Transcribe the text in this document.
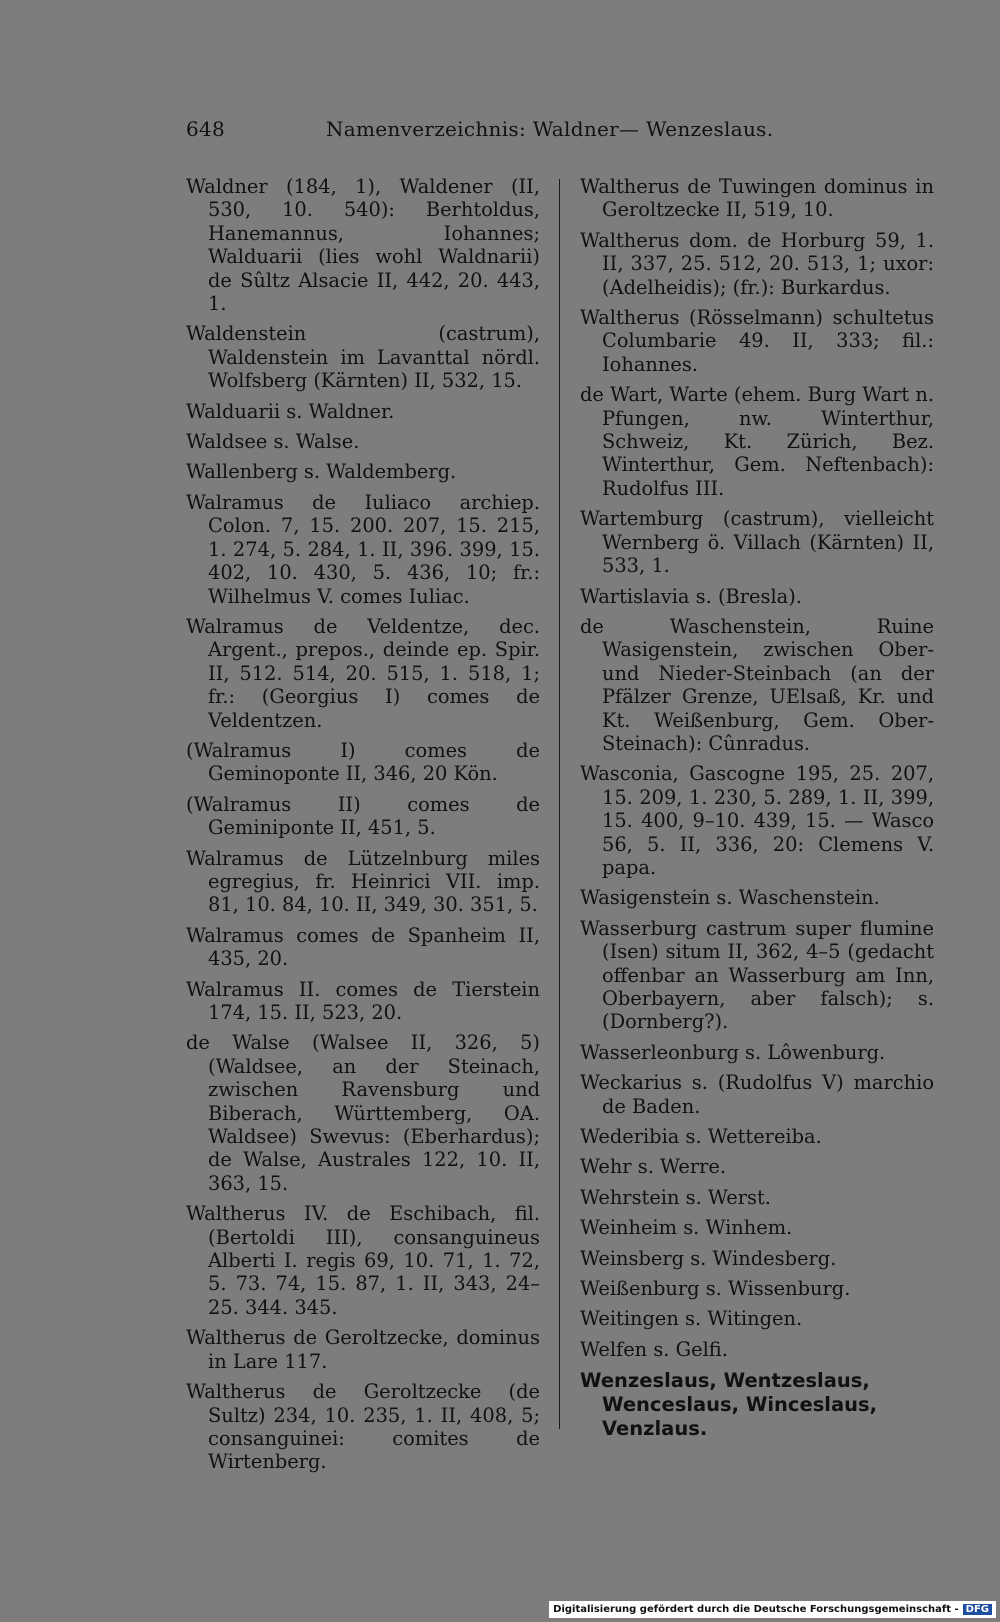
648	Namenverzeichnis: Waldner— Wenzeslaus.

Waldner (184, 1), Waldener (II, 530, 10. 540): Berhtoldus, Hanemannus, Iohannes; Walduarii (lies wohl Waldnarii) de Sûltz Alsacie II, 442, 20. 443, 1.

Waldenstein (castrum), Waldenstein im Lavanttal nördl. Wolfsberg (Kärnten) II, 532, 15.

Walduarii s. Waldner.

Waldsee s. Walse.

Wallenberg s. Waldemberg.

Walramus de Iuliaco archiep. Colon. 7, 15. 200. 207, 15. 215, 1. 274, 5. 284, 1. II, 396. 399, 15. 402, 10. 430, 5. 436, 10; fr.: Wilhelmus V. comes Iuliac.

Walramus de Veldentze, dec. Argent., prepos., deinde ep. Spir. II, 512. 514, 20. 515, 1. 518, 1; fr.: (Georgius I) comes de Veldentzen.

(Walramus I) comes de Geminoponte II, 346, 20 Kön.

(Walramus II) comes de Geminiponte II, 451, 5.

Walramus de Lützelnburg miles egregius, fr. Heinrici VII. imp. 81, 10. 84, 10. II, 349, 30. 351, 5.

Walramus comes de Spanheim II, 435, 20.

Walramus II. comes de Tierstein 174, 15. II, 523, 20.

de Walse (Walsee II, 326, 5) (Waldsee, an der Steinach, zwischen Ravensburg und Biberach, Württemberg, OA. Waldsee) Swevus: (Eberhardus); de Walse, Australes 122, 10. II, 363, 15.

Waltherus IV. de Eschibach, fil. (Bertoldi III), consanguineus Alberti I. regis 69, 10. 71, 1. 72, 5. 73. 74, 15. 87, 1. II, 343, 24–25. 344. 345.

Waltherus de Geroltzecke, dominus in Lare 117.

Waltherus de Geroltzecke (de Sultz) 234, 10. 235, 1. II, 408, 5; consanguinei: comites de Wirtenberg.

Waltherus de Tuwingen dominus in Geroltzecke II, 519, 10.

Waltherus dom. de Horburg 59, 1. II, 337, 25. 512, 20. 513, 1; uxor: (Adelheidis); (fr.): Burkardus.

Waltherus (Rösselmann) schultetus Columbarie 49. II, 333; fil.: Iohannes.

de Wart, Warte (ehem. Burg Wart n. Pfungen, nw. Winterthur, Schweiz, Kt. Zürich, Bez. Winterthur, Gem. Neftenbach): Rudolfus III.

Wartemburg (castrum), vielleicht Wernberg ö. Villach (Kärnten) II, 533, 1.

Wartislavia s. (Bresla).

de Waschenstein, Ruine Wasigenstein, zwischen Ober- und Nieder-Steinbach (an der Pfälzer Grenze, UElsaß, Kr. und Kt. Weißenburg, Gem. Ober-Steinach): Cûnradus.

Wasconia, Gascogne 195, 25. 207, 15. 209, 1. 230, 5. 289, 1. II, 399, 15. 400, 9–10. 439, 15. — Wasco 56, 5. II, 336, 20: Clemens V. papa.

Wasigenstein s. Waschenstein.

Wasserburg castrum super flumine (Isen) situm II, 362, 4–5 (gedacht offenbar an Wasserburg am Inn, Oberbayern, aber falsch); s. (Dornberg?).

Wasserleonburg s. Lôwenburg.

Weckarius s. (Rudolfus V) marchio de Baden.

Wederibia s. Wettereiba.

Wehr s. Werre.

Wehrstein s. Werst.

Weinheim s. Winhem.

Weinsberg s. Windesberg.

Weißenburg s. Wissenburg.

Weitingen s. Witingen.

Welfen s. Gelfi.

Wenzeslaus, Wentzeslaus, Wenceslaus, Winceslaus, Venzlaus.

Digitalisierung gefördert durch die Deutsche Forschungsgemeinschaft - DFG
